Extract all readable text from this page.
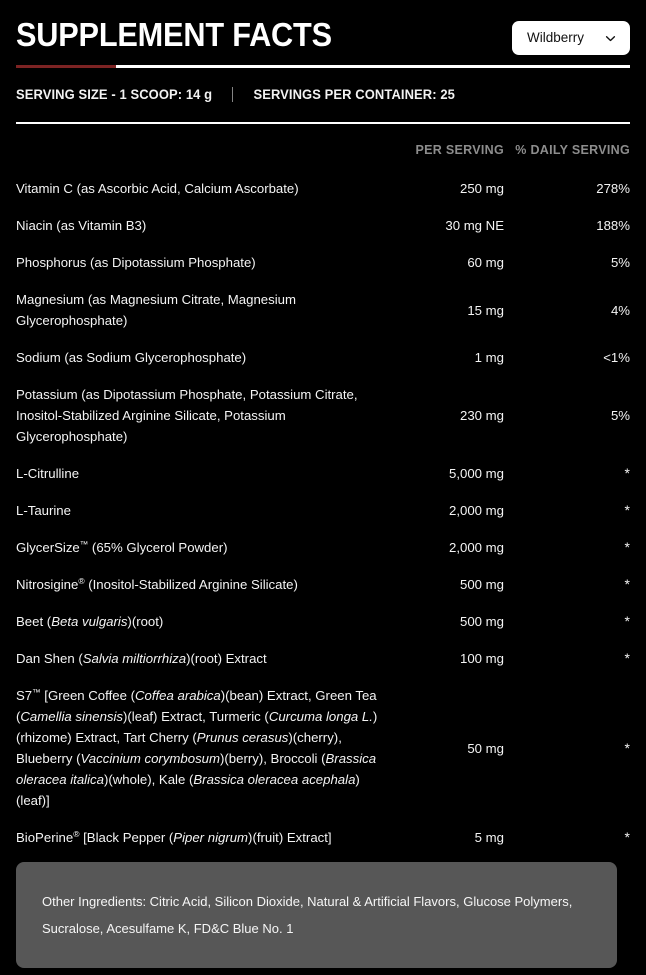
SUPPLEMENT FACTS	Wildberry
SERVING SIZE - 1 SCOOP: 14 g	SERVINGS PER CONTAINER: 25
	PER SERVING	% DAILY SERVING
Vitamin C (as Ascorbic Acid, Calcium Ascorbate)	250 mg	278%
Niacin (as Vitamin B3)	30 mg NE	188%
Phosphorus (as Dipotassium Phosphate)	60 mg	5%
Magnesium (as Magnesium Citrate, Magnesium Glycerophosphate)	15 mg	4%
Sodium (as Sodium Glycerophosphate)	1 mg	<1%
Potassium (as Dipotassium Phosphate, Potassium Citrate, Inositol-Stabilized Arginine Silicate, Potassium Glycerophosphate)	230 mg	5%
L-Citrulline	5,000 mg	*
L-Taurine	2,000 mg	*
GlycerSize™ (65% Glycerol Powder)	2,000 mg	*
Nitrosigine® (Inositol-Stabilized Arginine Silicate)	500 mg	*
Beet (Beta vulgaris)(root)	500 mg	*
Dan Shen (Salvia miltiorrhiza)(root) Extract	100 mg	*
S7™ [Green Coffee (Coffea arabica)(bean) Extract, Green Tea (Camellia sinensis)(leaf) Extract, Turmeric (Curcuma longa L.)(rhizome) Extract, Tart Cherry (Prunus cerasus)(cherry), Blueberry (Vaccinium corymbosum)(berry), Broccoli (Brassica oleracea italica)(whole), Kale (Brassica oleracea acephala)(leaf)]	50 mg	*
BioPerine® [Black Pepper (Piper nigrum)(fruit) Extract]	5 mg	*

Other Ingredients: Citric Acid, Silicon Dioxide, Natural & Artificial Flavors, Glucose Polymers, Sucralose, Acesulfame K, FD&C Blue No. 1
